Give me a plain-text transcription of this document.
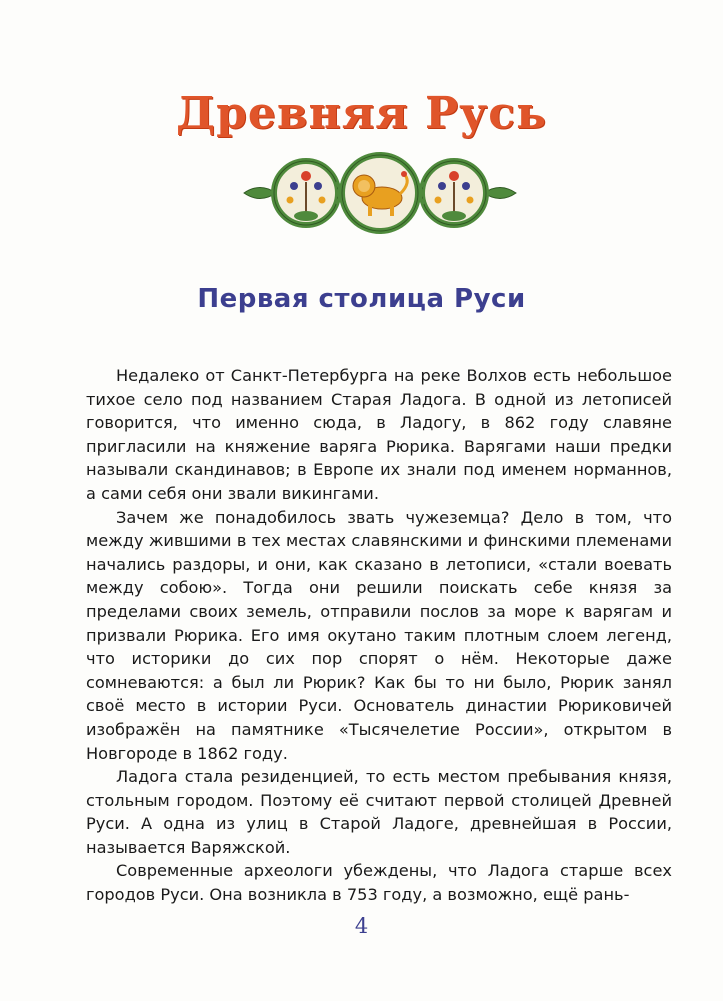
Древняя Русь
Первая столица Руси

Недалеко от Санкт-Петербурга на реке Волхов есть небольшое тихое село под названием Старая Ладога. В одной из летописей говорится, что именно сюда, в Ладогу, в 862 году славяне пригласили на княжение варяга Рюрика. Варягами наши предки называли скандинавов; в Европе их знали под именем норманнов, а сами себя они звали викингами.

Зачем же понадобилось звать чужеземца? Дело в том, что между жившими в тех местах славянскими и финскими племенами начались раздоры, и они, как сказано в летописи, «стали воевать между собою». Тогда они решили поискать себе князя за пределами своих земель, отправили послов за море к варягам и призвали Рюрика. Его имя окутано таким плотным слоем легенд, что историки до сих пор спорят о нём. Некоторые даже сомневаются: а был ли Рюрик? Как бы то ни было, Рюрик занял своё место в истории Руси. Основатель династии Рюриковичей изображён на памятнике «Тысячелетие России», открытом в Новгороде в 1862 году.

Ладога стала резиденцией, то есть местом пребывания князя, стольным городом. Поэтому её считают первой столицей Древней Руси. А одна из улиц в Старой Ладоге, древнейшая в России, называется Варяжской.

Современные археологи убеждены, что Ладога старше всех городов Руси. Она возникла в 753 году, а возможно, ещё рань-

4
